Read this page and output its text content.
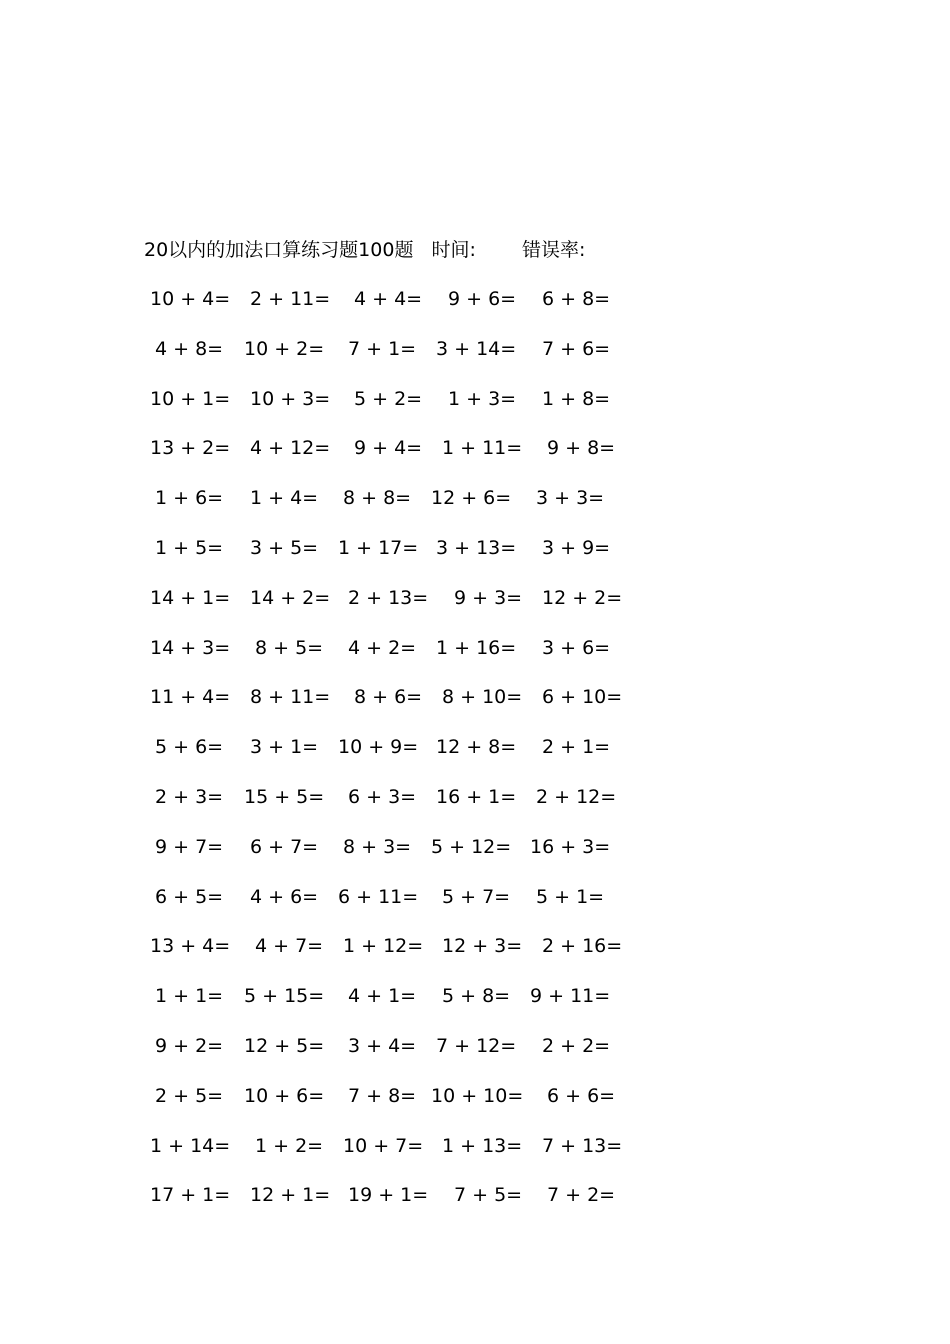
20以内的加法口算练习题100题 时间: 错误率:
10 + 4= 2 + 11= 4 + 4= 9 + 6= 6 + 8=
4 + 8= 10 + 2= 7 + 1= 3 + 14= 7 + 6=
10 + 1= 10 + 3= 5 + 2= 1 + 3= 1 + 8=
13 + 2= 4 + 12= 9 + 4= 1 + 11= 9 + 8=
1 + 6= 1 + 4= 8 + 8= 12 + 6= 3 + 3=
1 + 5= 3 + 5= 1 + 17= 3 + 13= 3 + 9=
14 + 1= 14 + 2= 2 + 13= 9 + 3= 12 + 2=
14 + 3= 8 + 5= 4 + 2= 1 + 16= 3 + 6=
11 + 4= 8 + 11= 8 + 6= 8 + 10= 6 + 10=
5 + 6= 3 + 1= 10 + 9= 12 + 8= 2 + 1=
2 + 3= 15 + 5= 6 + 3= 16 + 1= 2 + 12=
9 + 7= 6 + 7= 8 + 3= 5 + 12= 16 + 3=
6 + 5= 4 + 6= 6 + 11= 5 + 7= 5 + 1=
13 + 4= 4 + 7= 1 + 12= 12 + 3= 2 + 16=
1 + 1= 5 + 15= 4 + 1= 5 + 8= 9 + 11=
9 + 2= 12 + 5= 3 + 4= 7 + 12= 2 + 2=
2 + 5= 10 + 6= 7 + 8= 10 + 10= 6 + 6=
1 + 14= 1 + 2= 10 + 7= 1 + 13= 7 + 13=
17 + 1= 12 + 1= 19 + 1= 7 + 5= 7 + 2=
